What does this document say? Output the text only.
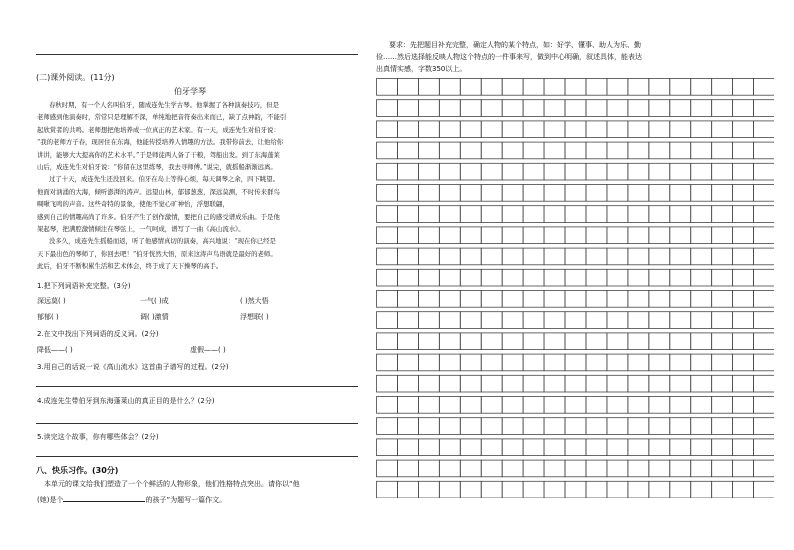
(二)课外阅读。(11分)
伯牙学琴

春秋时期，有一个人名叫伯牙，随成连先生学古琴。他掌握了各种演奏技巧，但是

老师感到他演奏时，常常只是理解不深，单纯地把音符奏出来而已，缺了点神韵，不能引

起欣赏者的共鸣。老师想把他培养成一位真正的艺术家。有一天，成连先生对伯牙说：

“我的老师方子春，现居住在东海，他能传授培养人情趣的方法。我带你前去，让他给你

讲讲，能够大大提高你的艺术水平。”于是师徒两人备了干粮，驾船出发。到了东海蓬莱

山后，成连先生对伯牙说：“你留在这里练琴，我去寻师傅。”说完，就摇船渐渐远离。

过了十天，成连先生还没回来。伯牙在岛上等得心烦，每天调琴之余，四下眺望。

他面对汹涌的大海，倾听澎湃的涛声。远望山林，郁郁葱葱，深远莫测，不时传来群鸟

啁啾飞鸣的声音。这些奇特的景象，使他不觉心旷神怡，浮想联翩，

感到自己的情趣高尚了许多。伯牙产生了创作激情，要把自己的感受谱成乐曲。于是他

架起琴，把满腔激情倾注在琴弦上，一气呵成，谱写了一曲《高山流水》。

没多久，成连先生摇船而返，听了他感情真切的演奏，高兴地说：“现在你已经是

天下最出色的琴师了，你回去吧！”伯牙恍然大悟，原来这涛声鸟语就是最好的老师。

此后，伯牙不断积累生活和艺术体会，终于成了天下操琴的高手。

1.把下列词语补充完整。(3分)
深远莫( )	一气( )成	( )然大悟
郁郁( )	调( )激情	浮想联( )
2.在文中找出下列词语的反义词。(2分)
降低——( )	虚假——( )
3.用自己的话说一说《高山流水》这首曲子谱写的过程。(2分)
4.成连先生带伯牙到东海蓬莱山的真正目的是什么？(2分)
5.读完这个故事，你有哪些体会？(2分)
八、快乐习作。(30分)
本单元的课文给我们塑造了一个个鲜活的人物形象，他们性格特点突出。请你以“他
(她)是个	的孩子”为题写一篇作文。
要求：先把题目补充完整，确定人物的某个特点，如：好学、懂事、助人为乐、勤
俭……然后选择能反映人物这个特点的一件事来写，做到中心明确，叙述具体，能表达
出真情实感，字数350以上。
